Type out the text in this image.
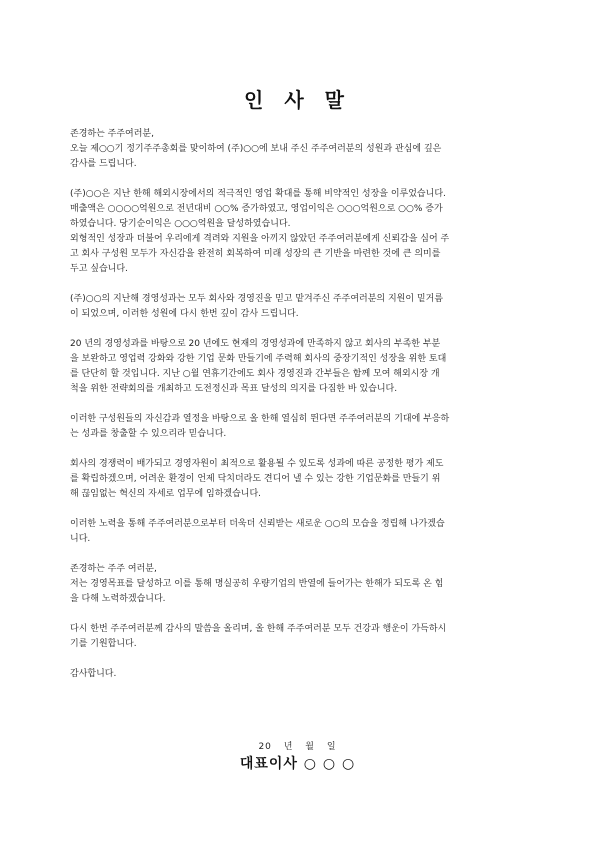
인 사 말

존경하는 주주여러분,
오늘 제○○기 정기주주총회를 맞이하여 (주)○○에 보내 주신 주주여러분의 성원과 관심에 깊은
감사를 드립니다.

(주)○○은 지난 한해 해외시장에서의 적극적인 영업 확대를 통해 비약적인 성장을 이루었습니다.
매출액은 ○○○○억원으로 전년대비 ○○% 증가하였고, 영업이익은 ○○○억원으로 ○○% 증가
하였습니다. 당기순이익은 ○○○억원을 달성하였습니다.
외형적인 성장과 더불어 우리에게 격려와 지원을 아끼지 않았던 주주여러분에게 신뢰감을 심어 주
고 회사 구성원 모두가 자신감을 완전히 회복하여 미래 성장의 큰 기반을 마련한 것에 큰 의미를
두고 싶습니다.

(주)○○의 지난해 경영성과는 모두 회사와 경영진을 믿고 맡겨주신 주주여러분의 지원이 밑거름
이 되었으며, 이러한 성원에 다시 한번 깊이 감사 드립니다.

20 년의 경영성과를 바탕으로 20 년에도 현재의 경영성과에 만족하지 않고 회사의 부족한 부분
을 보완하고 영업력 강화와 강한 기업 문화 만들기에 주력해 회사의 중장기적인 성장을 위한 토대
를 단단히 할 것입니다. 지난 ○월 연휴기간에도 회사 경영진과 간부들은 함께 모여 해외시장 개
척을 위한 전략회의를 개최하고 도전정신과 목표 달성의 의지를 다짐한 바 있습니다.

이러한 구성원들의 자신감과 열정을 바탕으로 올 한해 열심히 뛴다면 주주여러분의 기대에 부응하
는 성과를 창출할 수 있으리라 믿습니다.

회사의 경쟁력이 배가되고 경영자원이 최적으로 활용될 수 있도록 성과에 따른 공정한 평가 제도
를 확립하겠으며, 어려운 환경이 언제 닥치더라도 견디어 낼 수 있는 강한 기업문화를 만들기 위
해 끊임없는 혁신의 자세로 업무에 임하겠습니다.

이러한 노력을 통해 주주여러분으로부터 더욱더 신뢰받는 새로운 ○○의 모습을 정립해 나가겠습
니다.

존경하는 주주 여러분,
저는 경영목표를 달성하고 이를 통해 명실공히 우량기업의 반열에 들어가는 한해가 되도록 온 힘
을 다해 노력하겠습니다.

다시 한번 주주여러분께 감사의 말씀을 올리며, 올 한해 주주여러분 모두 건강과 행운이 가득하시
기를 기원합니다.

감사합니다.

20 년 월 일
대표이사 ○ ○ ○
